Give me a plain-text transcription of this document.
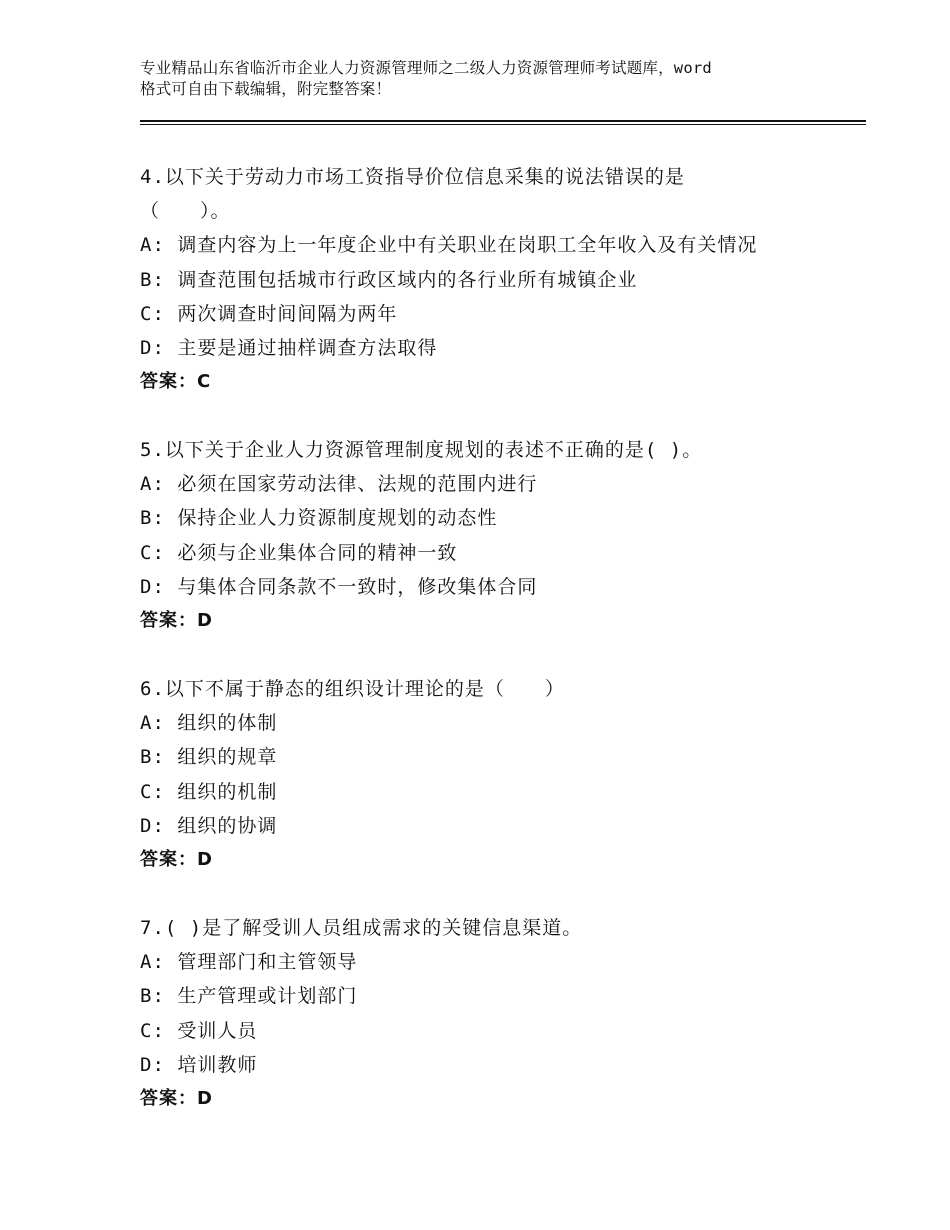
专业精品山东省临沂市企业人力资源管理师之二级人力资源管理师考试题库，word
格式可自由下载编辑，附完整答案！
4.以下关于劳动力市场工资指导价位信息采集的说法错误的是
（　　）。
A: 调查内容为上一年度企业中有关职业在岗职工全年收入及有关情况
B: 调查范围包括城市行政区域内的各行业所有城镇企业
C: 两次调查时间间隔为两年
D: 主要是通过抽样调查方法取得
答案：C
5.以下关于企业人力资源管理制度规划的表述不正确的是( )。
A: 必须在国家劳动法律、法规的范围内进行
B: 保持企业人力资源制度规划的动态性
C: 必须与企业集体合同的精神一致
D: 与集体合同条款不一致时，修改集体合同
答案：D
6.以下不属于静态的组织设计理论的是（　　）
A: 组织的体制
B: 组织的规章
C: 组织的机制
D: 组织的协调
答案：D
7.( )是了解受训人员组成需求的关键信息渠道。
A: 管理部门和主管领导
B: 生产管理或计划部门
C: 受训人员
D: 培训教师
答案：D
